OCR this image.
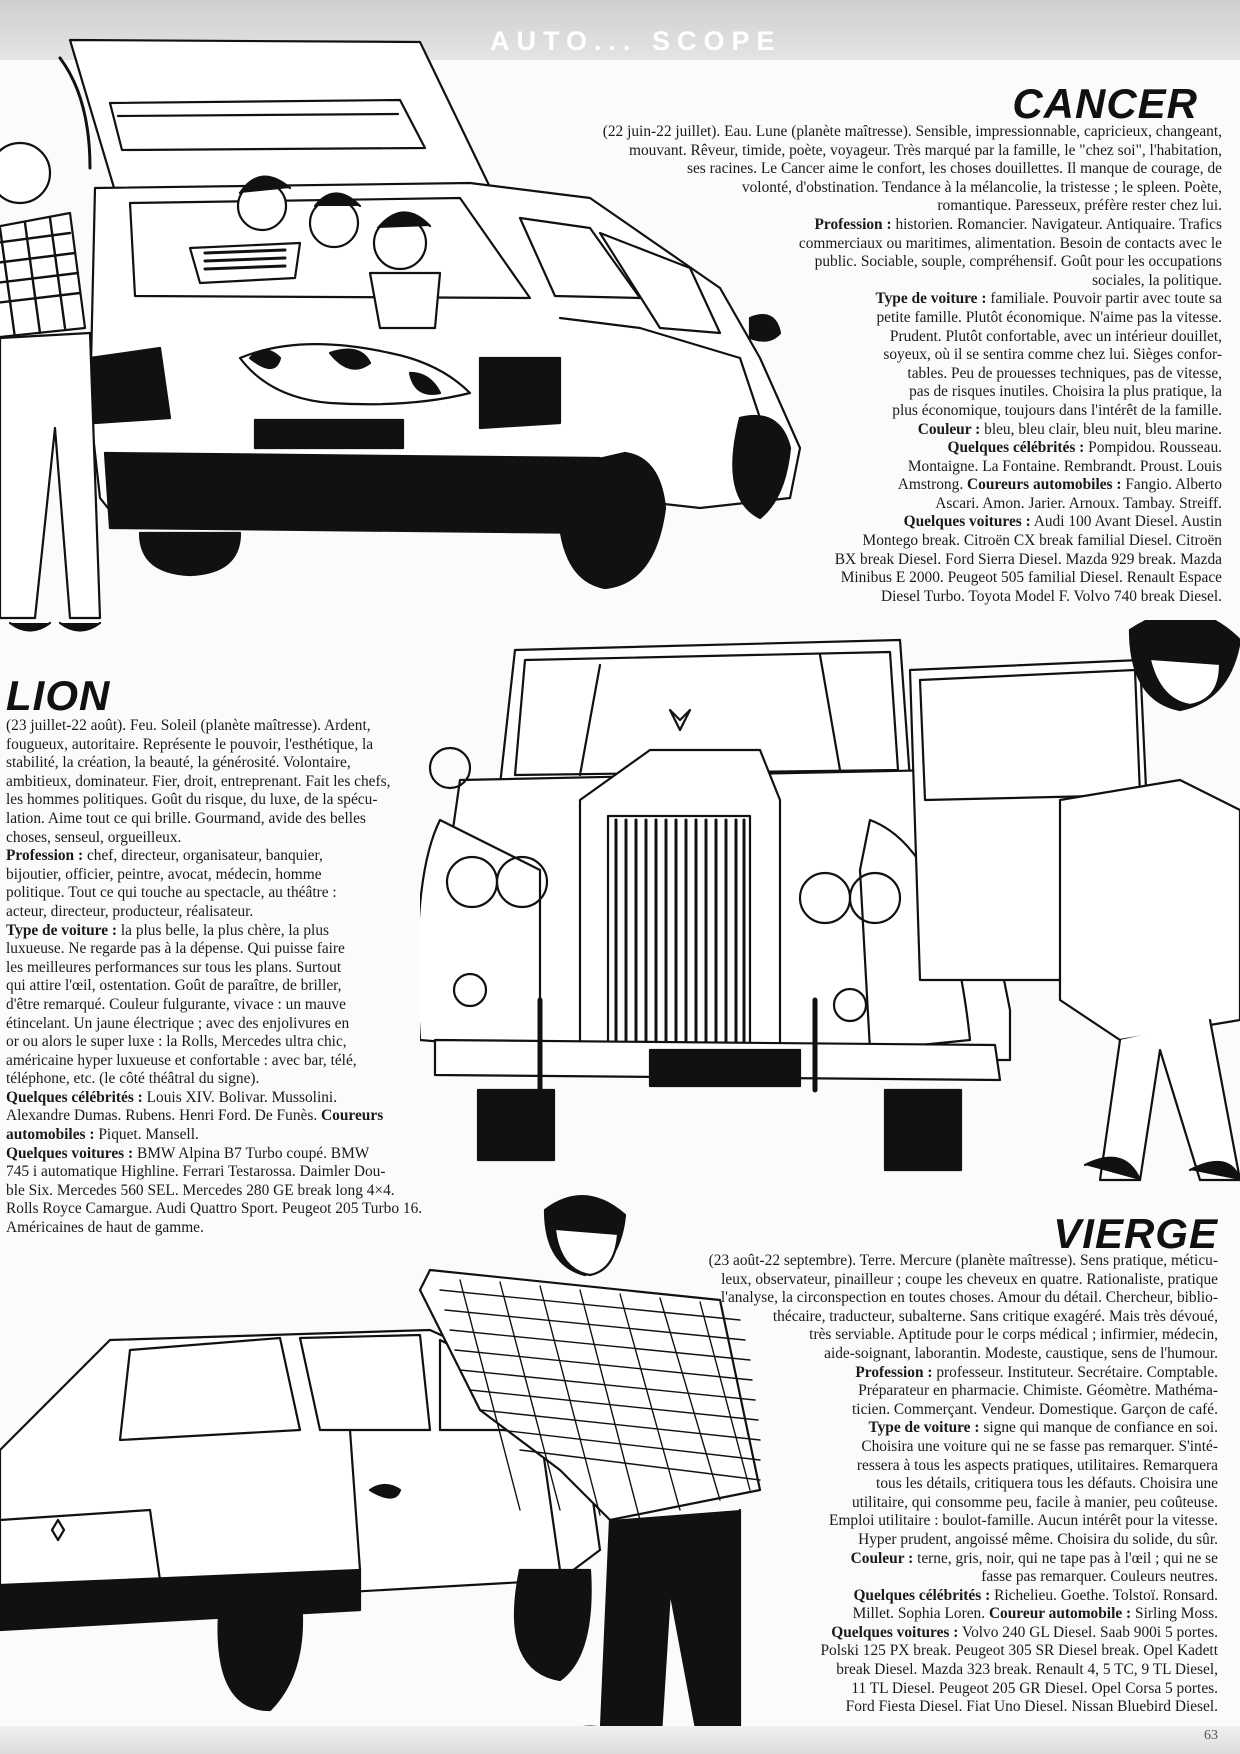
AUTO... SCOPE
CANCER
(22 juin-22 juillet). Eau. Lune (planète maîtresse). Sensible, impressionnable, capricieux, changeant,
mouvant. Rêveur, timide, poète, voyageur. Très marqué par la famille, le "chez soi", l'habitation,
ses racines. Le Cancer aime le confort, les choses douillettes. Il manque de courage, de
volonté, d'obstination. Tendance à la mélancolie, la tristesse ; le spleen. Poète,
romantique. Paresseux, préfère rester chez lui.
Profession : historien. Romancier. Navigateur. Antiquaire. Trafics
commerciaux ou maritimes, alimentation. Besoin de contacts avec le
public. Sociable, souple, compréhensif. Goût pour les occupations
sociales, la politique.
Type de voiture : familiale. Pouvoir partir avec toute sa
petite famille. Plutôt économique. N'aime pas la vitesse.
Prudent. Plutôt confortable, avec un intérieur douillet,
soyeux, où il se sentira comme chez lui. Sièges confor-
tables. Peu de prouesses techniques, pas de vitesse,
pas de risques inutiles. Choisira la plus pratique, la
plus économique, toujours dans l'intérêt de la famille.
Couleur : bleu, bleu clair, bleu nuit, bleu marine.
Quelques célébrités : Pompidou. Rousseau.
Montaigne. La Fontaine. Rembrandt. Proust. Louis
Amstrong. Coureurs automobiles : Fangio. Alberto
Ascari. Amon. Jarier. Arnoux. Tambay. Streiff.
Quelques voitures : Audi 100 Avant Diesel. Austin
Montego break. Citroën CX break familial Diesel. Citroën
BX break Diesel. Ford Sierra Diesel. Mazda 929 break. Mazda
Minibus E 2000. Peugeot 505 familial Diesel. Renault Espace
Diesel Turbo. Toyota Model F. Volvo 740 break Diesel.
LION
(23 juillet-22 août). Feu. Soleil (planète maîtresse). Ardent,
fougueux, autoritaire. Représente le pouvoir, l'esthétique, la
stabilité, la création, la beauté, la générosité. Volontaire,
ambitieux, dominateur. Fier, droit, entreprenant. Fait les chefs,
les hommes politiques. Goût du risque, du luxe, de la spécu-
lation. Aime tout ce qui brille. Gourmand, avide des belles
choses, senseul, orgueilleux.
Profession : chef, directeur, organisateur, banquier,
bijoutier, officier, peintre, avocat, médecin, homme
politique. Tout ce qui touche au spectacle, au théâtre :
acteur, directeur, producteur, réalisateur.
Type de voiture : la plus belle, la plus chère, la plus
luxueuse. Ne regarde pas à la dépense. Qui puisse faire
les meilleures performances sur tous les plans. Surtout
qui attire l'œil, ostentation. Goût de paraître, de briller,
d'être remarqué. Couleur fulgurante, vivace : un mauve
étincelant. Un jaune électrique ; avec des enjolivures en
or ou alors le super luxe : la Rolls, Mercedes ultra chic,
américaine hyper luxueuse et confortable : avec bar, télé,
téléphone, etc. (le côté théâtral du signe).
Quelques célébrités : Louis XIV. Bolivar. Mussolini.
Alexandre Dumas. Rubens. Henri Ford. De Funès. Coureurs
automobiles : Piquet. Mansell.
Quelques voitures : BMW Alpina B7 Turbo coupé. BMW
745 i automatique Highline. Ferrari Testarossa. Daimler Dou-
ble Six. Mercedes 560 SEL. Mercedes 280 GE break long 4×4.
Rolls Royce Camargue. Audi Quattro Sport. Peugeot 205 Turbo 16.
Américaines de haut de gamme.	VIERGE
(23 août-22 septembre). Terre. Mercure (planète maîtresse). Sens pratique, méticu-
leux, observateur, pinailleur ; coupe les cheveux en quatre. Rationaliste, pratique
l'analyse, la circonspection en toutes choses. Amour du détail. Chercheur, biblio-
thécaire, traducteur, subalterne. Sans critique exagéré. Mais très dévoué,
très serviable. Aptitude pour le corps médical ; infirmier, médecin,
aide-soignant, laborantin. Modeste, caustique, sens de l'humour.
Profession : professeur. Instituteur. Secrétaire. Comptable.
Préparateur en pharmacie. Chimiste. Géomètre. Mathéma-
ticien. Commerçant. Vendeur. Domestique. Garçon de café.
Type de voiture : signe qui manque de confiance en soi.
Choisira une voiture qui ne se fasse pas remarquer. S'inté-
ressera à tous les aspects pratiques, utilitaires. Remarquera
tous les détails, critiquera tous les défauts. Choisira une
utilitaire, qui consomme peu, facile à manier, peu coûteuse.
Emploi utilitaire : boulot-famille. Aucun intérêt pour la vitesse.
Hyper prudent, angoissé même. Choisira du solide, du sûr.
Couleur : terne, gris, noir, qui ne tape pas à l'œil ; qui ne se
fasse pas remarquer. Couleurs neutres.
Quelques célébrités : Richelieu. Goethe. Tolstoï. Ronsard.
Millet. Sophia Loren. Coureur automobile : Sirling Moss.
Quelques voitures : Volvo 240 GL Diesel. Saab 900i 5 portes.
Polski 125 PX break. Peugeot 305 SR Diesel break. Opel Kadett
break Diesel. Mazda 323 break. Renault 4, 5 TC, 9 TL Diesel,
11 TL Diesel. Peugeot 205 GR Diesel. Opel Corsa 5 portes.
Ford Fiesta Diesel. Fiat Uno Diesel. Nissan Bluebird Diesel.
63
